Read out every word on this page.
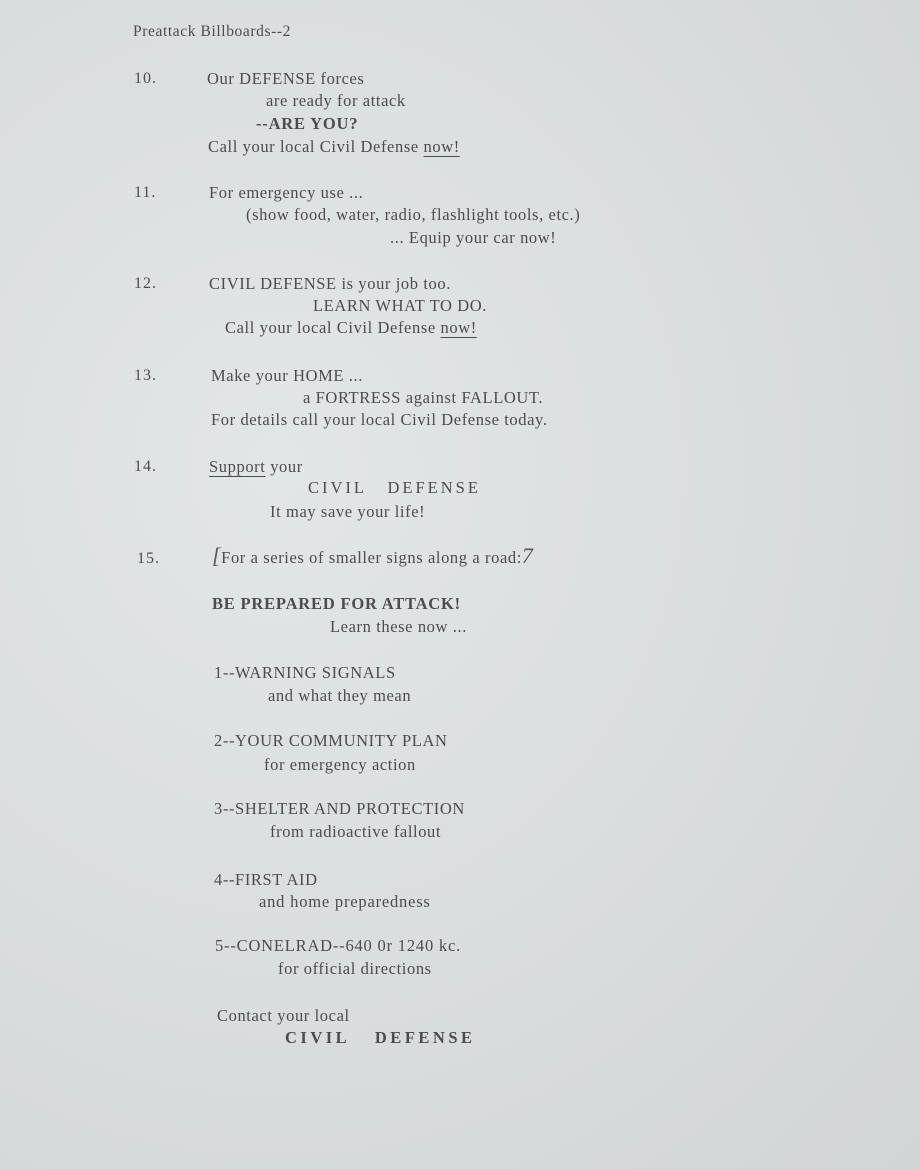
Preattack Billboards--2
10.	Our DEFENSE forces
are ready for attack
--ARE YOU?
Call your local Civil Defense now!
11.	For emergency use ...
(show food, water, radio, flashlight tools, etc.)
... Equip your car now!
12.	CIVIL DEFENSE is your job too.
LEARN WHAT TO DO.
Call your local Civil Defense now!
13.	Make your HOME ...
a FORTRESS against FALLOUT.
For details call your local Civil Defense today.
14.	Support your
CIVIL DEFENSE
It may save your life!
15. [For a series of smaller signs along a road:7
BE PREPARED FOR ATTACK!
Learn these now ...
1--WARNING SIGNALS
and what they mean
2--YOUR COMMUNITY PLAN
for emergency action
3--SHELTER AND PROTECTION
from radioactive fallout
4--FIRST AID
and home preparedness
5--CONELRAD--640 0r 1240 kc.
for official directions
Contact your local
CIVIL DEFENSE
